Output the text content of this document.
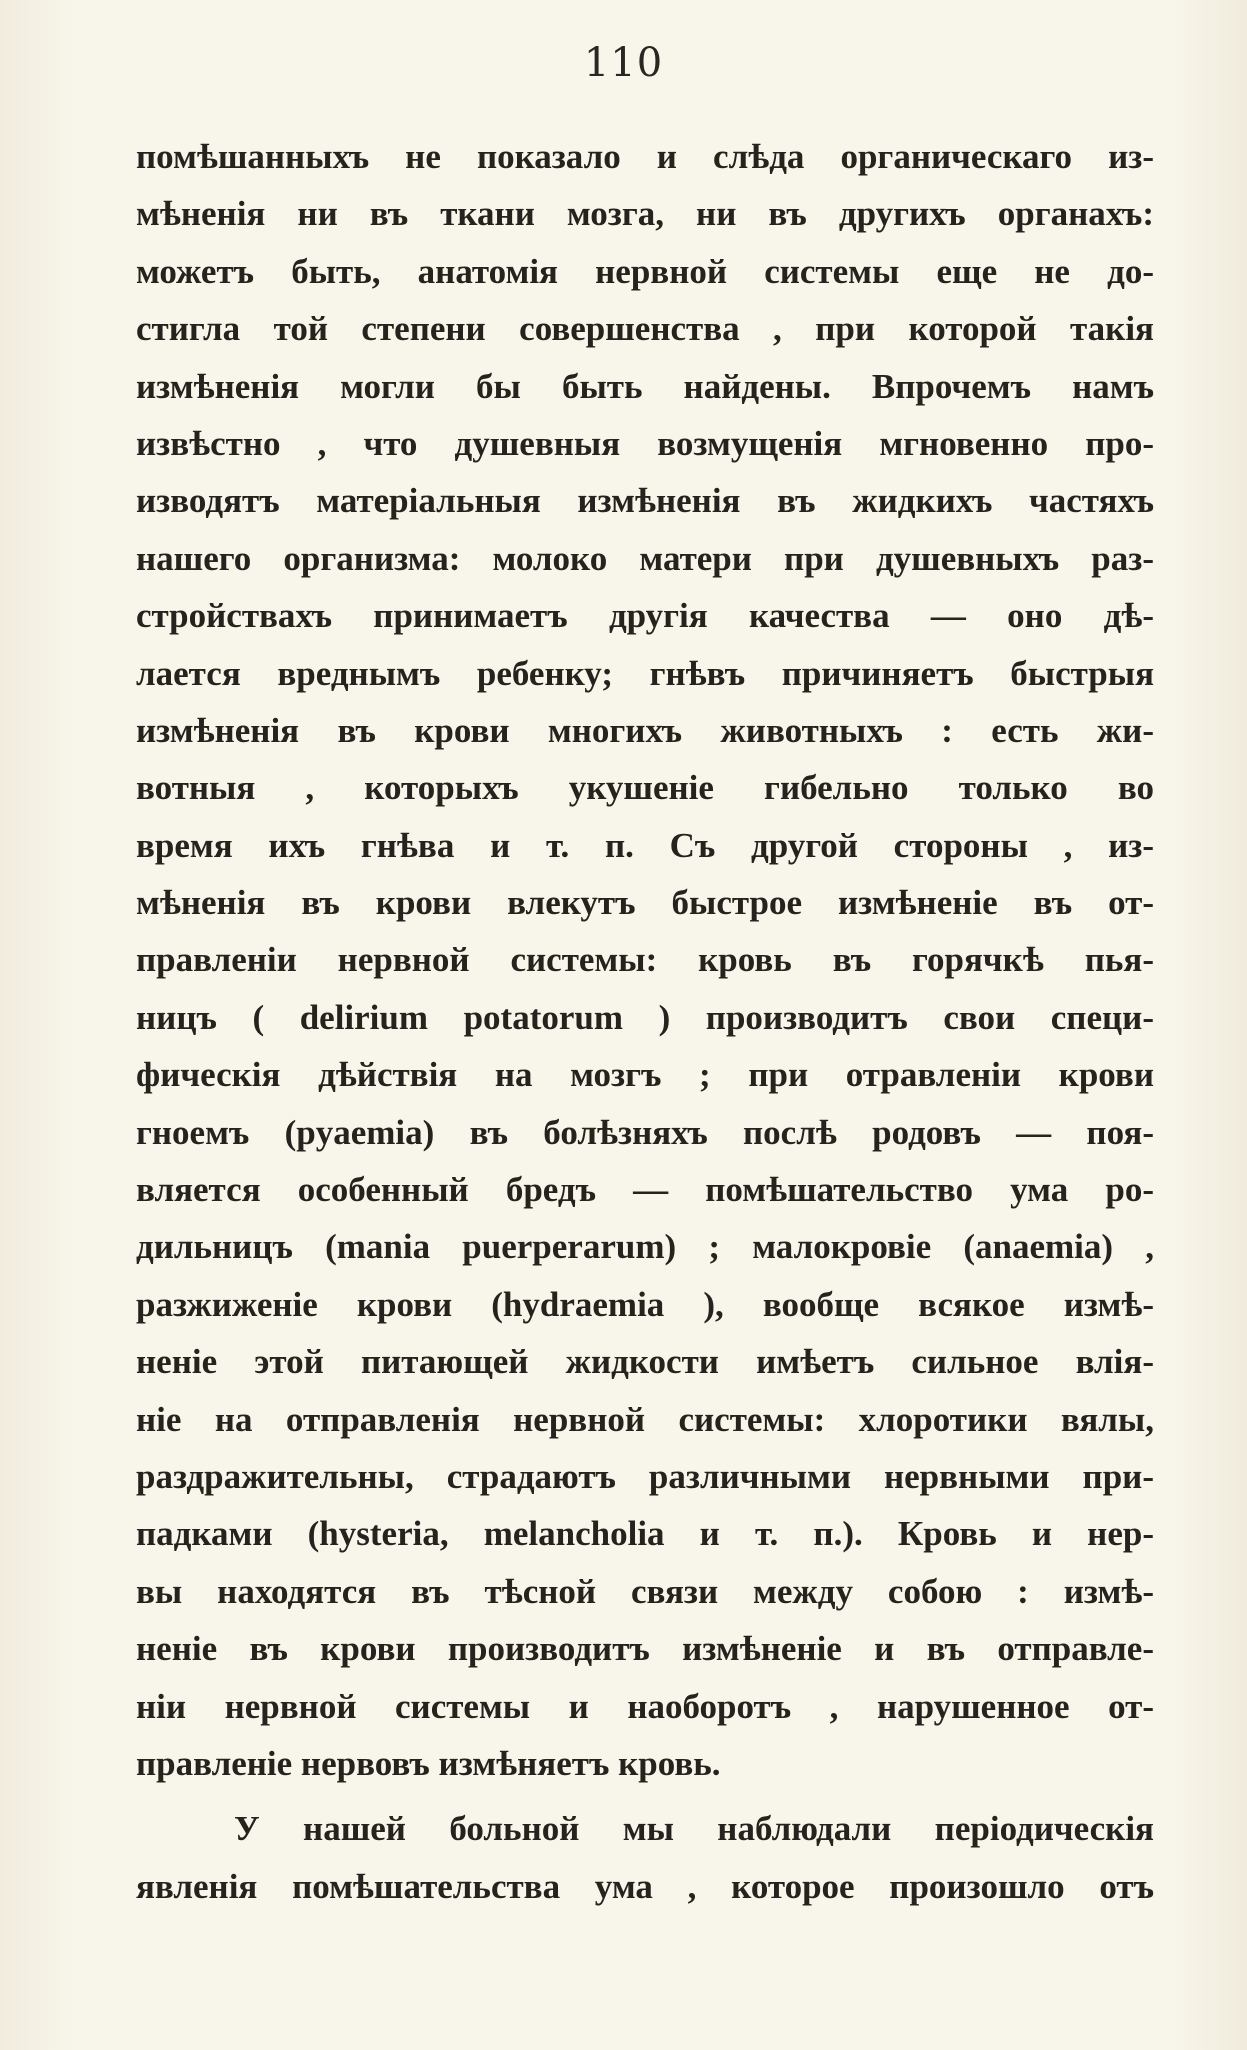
110
помѣшанныхъ не показало и слѣда органическаго из-
мѣненія ни въ ткани мозга, ни въ другихъ органахъ:
можетъ быть, анатомія нервной системы еще не до-
стигла той степени совершенства , при которой такія
измѣненія могли бы быть найдены. Впрочемъ намъ
извѣстно , что душевныя возмущенія мгновенно про-
изводятъ матеріальныя измѣненія въ жидкихъ частяхъ
нашего организма: молоко матери при душевныхъ раз-
стройствахъ принимаетъ другія качества — оно дѣ-
лается вреднымъ ребенку; гнѣвъ причиняетъ быстрыя
измѣненія въ крови многихъ животныхъ : есть жи-
вотныя , которыхъ укушеніе гибельно только во
время ихъ гнѣва и т. п. Съ другой стороны , из-
мѣненія въ крови влекутъ быстрое измѣненіе въ от-
правленіи нервной системы: кровь въ горячкѣ пья-
ницъ ( delirium potatorum ) производитъ свои специ-
фическія дѣйствія на мозгъ ; при отравленіи крови
гноемъ (pyaemia) въ болѣзняхъ послѣ родовъ — поя-
вляется особенный бредъ — помѣшательство ума ро-
дильницъ (mania puerperarum) ; малокровіе (anaemia) ,
разжиженіе крови (hydraemia ), вообще всякое измѣ-
неніе этой питающей жидкости имѣетъ сильное влія-
ніе на отправленія нервной системы: хлоротики вялы,
раздражительны, страдаютъ различными нервными при-
падками (hysteria, melancholia и т. п.). Кровь и нер-
вы находятся въ тѣсной связи между собою : измѣ-
неніе въ крови производитъ измѣненіе и въ отправле-
ніи нервной системы и наоборотъ , нарушенное от-
правленіе нервовъ измѣняетъ кровь.
У нашей больной мы наблюдали періодическія
явленія помѣшательства ума , которое произошло отъ
